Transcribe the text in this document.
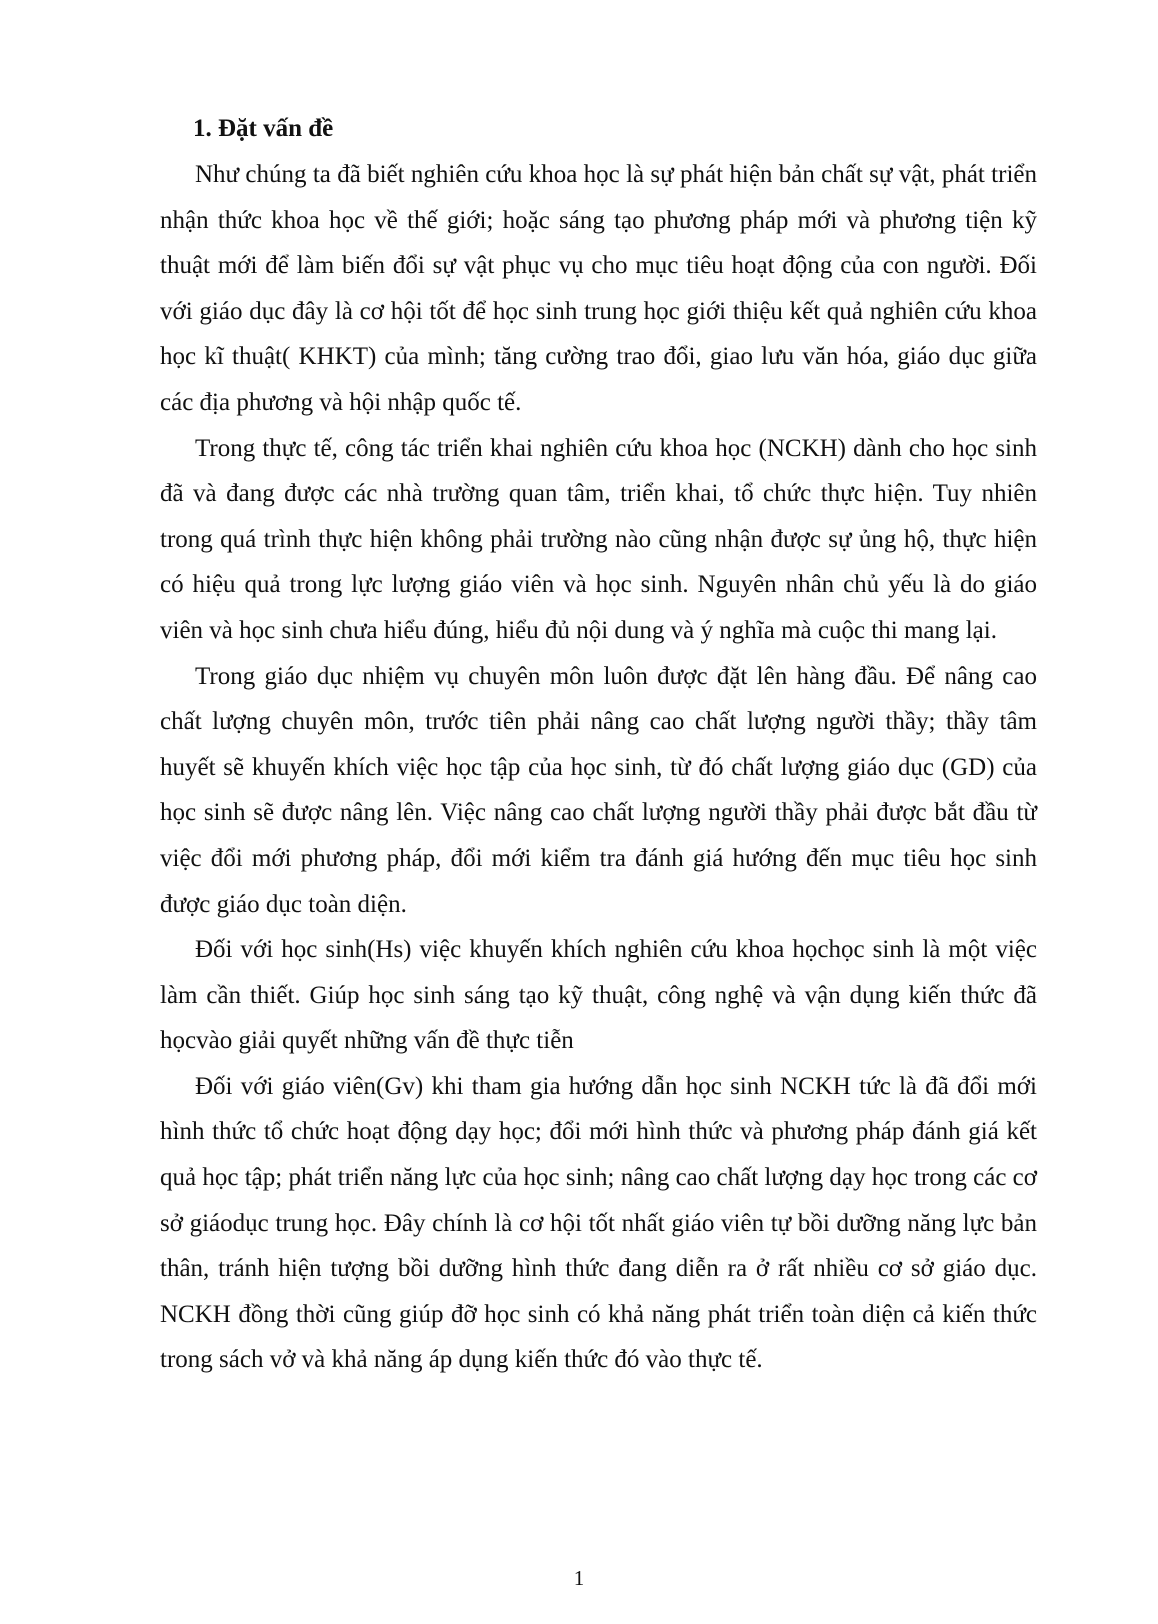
1. Đặt vấn đề

Như chúng ta đã biết nghiên cứu khoa học là sự phát hiện bản chất sự vật, phát triển nhận thức khoa học về thế giới; hoặc sáng tạo phương pháp mới và phương tiện kỹ thuật mới để làm biến đổi sự vật phục vụ cho mục tiêu hoạt động của con người. Đối với giáo dục đây là cơ hội tốt để học sinh trung học giới thiệu kết quả nghiên cứu khoa học kĩ thuật( KHKT) của mình; tăng cường trao đổi, giao lưu văn hóa, giáo dục giữa các địa phương và hội nhập quốc tế.

Trong thực tế, công tác triển khai nghiên cứu khoa học (NCKH) dành cho học sinh đã và đang được các nhà trường quan tâm, triển khai, tổ chức thực hiện. Tuy nhiên trong quá trình thực hiện không phải trường nào cũng nhận được sự ủng hộ, thực hiện có hiệu quả trong lực lượng giáo viên và học sinh. Nguyên nhân chủ yếu là do giáo viên và học sinh chưa hiểu đúng, hiểu đủ nội dung và ý nghĩa mà cuộc thi mang lại.

Trong giáo dục nhiệm vụ chuyên môn luôn được đặt lên hàng đầu. Để nâng cao chất lượng chuyên môn, trước tiên phải nâng cao chất lượng người thầy; thầy tâm huyết sẽ khuyến khích việc học tập của học sinh, từ đó chất lượng giáo dục (GD) của học sinh sẽ được nâng lên. Việc nâng cao chất lượng người thầy phải được bắt đầu từ việc đổi mới phương pháp, đổi mới kiểm tra đánh giá hướng đến mục tiêu học sinh được giáo dục toàn diện.

Đối với học sinh(Hs) việc khuyến khích nghiên cứu khoa họchọc sinh là một việc làm cần thiết. Giúp học sinh sáng tạo kỹ thuật, công nghệ và vận dụng kiến thức đã họcvào giải quyết những vấn đề thực tiễn

Đối với giáo viên(Gv) khi tham gia hướng dẫn học sinh NCKH tức là đã đổi mới hình thức tổ chức hoạt động dạy học; đổi mới hình thức và phương pháp đánh giá kết quả học tập; phát triển năng lực của học sinh; nâng cao chất lượng dạy học trong các cơ sở giáodục trung học. Đây chính là cơ hội tốt nhất giáo viên tự bồi dưỡng năng lực bản thân, tránh hiện tượng bồi dưỡng hình thức đang diễn ra ở rất nhiều cơ sở giáo dục. NCKH đồng thời cũng giúp đỡ học sinh có khả năng phát triển toàn diện cả kiến thức trong sách vở và khả năng áp dụng kiến thức đó vào thực tế.

1
